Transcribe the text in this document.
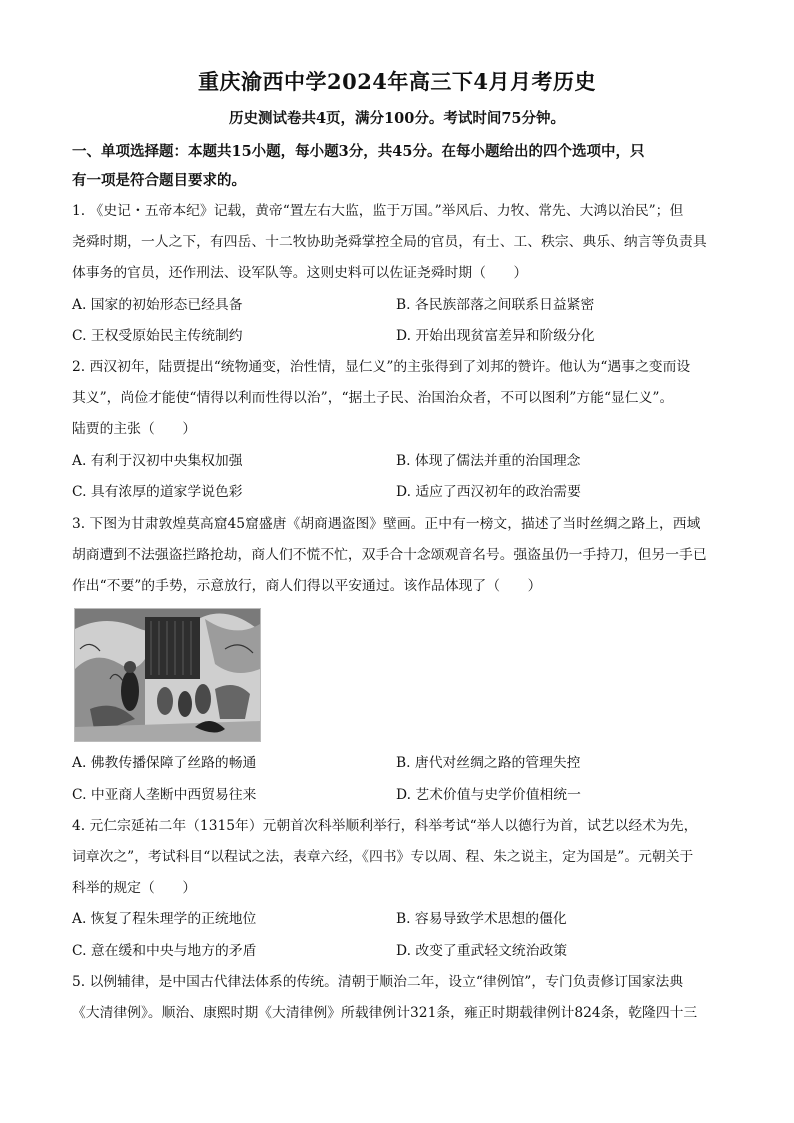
重庆渝西中学2024年高三下4月月考历史
历史测试卷共4页，满分100分。考试时间75分钟。
一、单项选择题：本题共15小题，每小题3分，共45分。在每小题给出的四个选项中，只
有一项是符合题目要求的。
1. 《史记・五帝本纪》记载，黄帝“置左右大监，监于万国。”举风后、力牧、常先、大鸿以治民”；但
尧舜时期，一人之下，有四岳、十二牧协助尧舜掌控全局的官员，有士、工、秩宗、典乐、纳言等负责具
体事务的官员，还作刑法、设军队等。这则史料可以佐证尧舜时期（　　）
A. 国家的初始形态已经具备	B. 各民族部落之间联系日益紧密
C. 王权受原始民主传统制约	D. 开始出现贫富差异和阶级分化
2. 西汉初年，陆贾提出“统物通变，治性情，显仁义”的主张得到了刘邦的赞许。他认为“遇事之变而设
其义”，尚俭才能使“情得以利而性得以治”，“据土子民、治国治众者，不可以图利”方能“显仁义”。
陆贾的主张（　　）
A. 有利于汉初中央集权加强	B. 体现了儒法并重的治国理念
C. 具有浓厚的道家学说色彩	D. 适应了西汉初年的政治需要
3. 下图为甘肃敦煌莫高窟45窟盛唐《胡商遇盗图》壁画。正中有一榜文，描述了当时丝绸之路上，西域
胡商遭到不法强盗拦路抢劫，商人们不慌不忙，双手合十念颂观音名号。强盗虽仍一手持刀，但另一手已
作出“不要”的手势，示意放行，商人们得以平安通过。该作品体现了（　　）
A. 佛教传播保障了丝路的畅通	B. 唐代对丝绸之路的管理失控
C. 中亚商人垄断中西贸易往来	D. 艺术价值与史学价值相统一
4. 元仁宗延祐二年（1315年）元朝首次科举顺利举行，科举考试“举人以德行为首，试艺以经术为先，
词章次之”，考试科目“以程试之法，表章六经，《四书》专以周、程、朱之说主，定为国是”。元朝关于
科举的规定（　　）
A. 恢复了程朱理学的正统地位	B. 容易导致学术思想的僵化
C. 意在缓和中央与地方的矛盾	D. 改变了重武轻文统治政策
5. 以例辅律，是中国古代律法体系的传统。清朝于顺治二年，设立“律例馆”，专门负责修订国家法典
《大清律例》。顺治、康熙时期《大清律例》所载律例计321条，雍正时期载律例计824条，乾隆四十三
